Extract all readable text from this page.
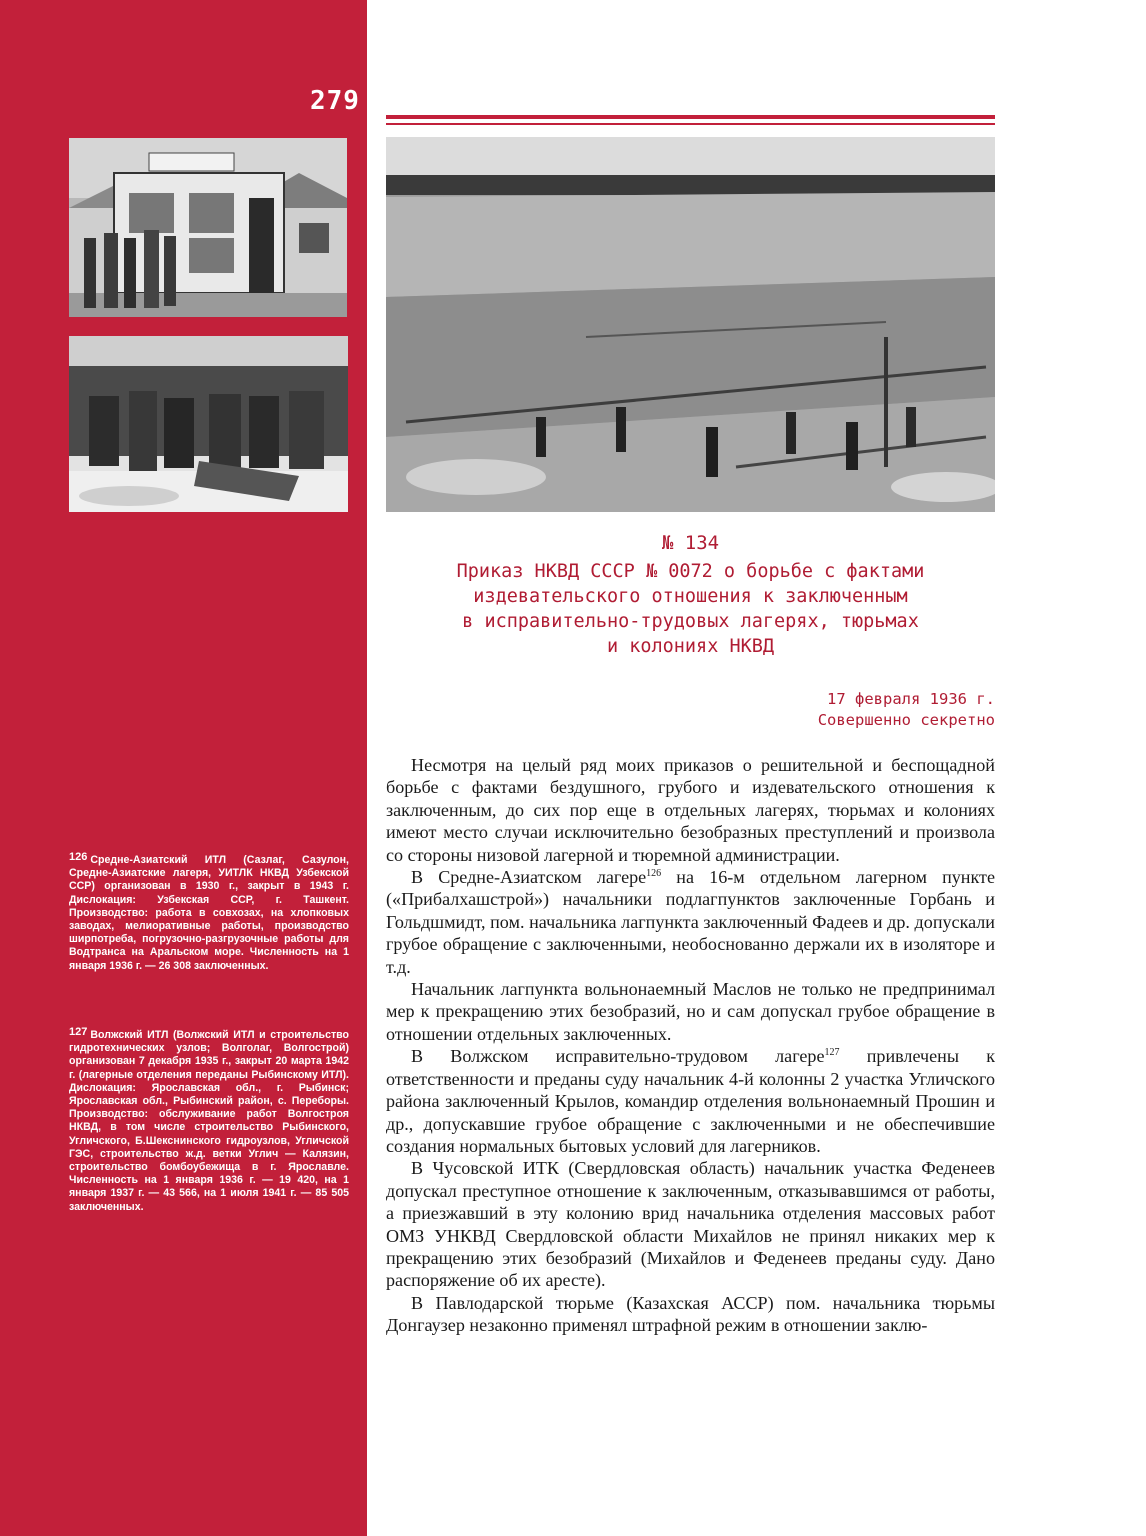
279
$^{126}$ Средне-Азиатский ИТЛ (Сазлаг, Сазулон, Средне-Азиатские лагеря, УИТЛК НКВД Узбекской ССР) организован в 1930 г., закрыт в 1943 г. Дислокация: Узбекская ССР, г. Ташкент. Производство: работа в совхозах, на хлопковых заводах, мелиоративные работы, производство ширпотреба, погрузочно-разгрузочные работы для Водтранса на Аральском море. Численность на 1 января 1936 г. — 26 308 заключенных.
$^{127}$ Волжский ИТЛ (Волжский ИТЛ и строительство гидротехнических узлов; Волголаг, Волгострой) организован 7 декабря 1935 г., закрыт 20 марта 1942 г. (лагерные отделения переданы Рыбинскому ИТЛ). Дислокация: Ярославская обл., г. Рыбинск; Ярославская обл., Рыбинский район, с. Переборы. Производство: обслуживание работ Волгостроя НКВД, в том числе строительство Рыбинского, Угличского, Б.Шекснинского гидроузлов, Угличской ГЭС, строительство ж.д. ветки Углич — Калязин, строительство бомбоубежища в г. Ярославле. Численность на 1 января 1936 г. — 19 420, на 1 января 1937 г. — 43 566, на 1 июля 1941 г. — 85 505 заключенных.
№ 134
Приказ НКВД СССР № 0072 о борьбе с фактами
издевательского отношения к заключенным
в исправительно-трудовых лагерях, тюрьмах
и колониях НКВД
17 февраля 1936 г.
Совершенно секретно

Несмотря на целый ряд моих приказов о решительной и беспощадной борьбе с фактами бездушного, грубого и издевательского отношения к заключенным, до сих пор еще в отдельных лагерях, тюрьмах и колониях имеют место случаи исключительно безобразных преступлений и произвола со стороны низовой лагерной и тюремной администрации.

В Средне-Азиатском лагере$^{126}$ на 16-м отдельном лагерном пункте («Прибалхашстрой») начальники подлагпунктов заключенные Горбань и Гольдшмидт, пом. начальника лагпункта заключенный Фадеев и др. допускали грубое обращение с заключенными, необоснованно держали их в изоляторе и т.д.

Начальник лагпункта вольнонаемный Маслов не только не предпринимал мер к прекращению этих безобразий, но и сам допускал грубое обращение в отношении отдельных заключенных.

В Волжском исправительно-трудовом лагере$^{127}$ привлечены к ответственности и преданы суду начальник 4-й колонны 2 участка Угличского района заключенный Крылов, командир отделения вольнонаемный Прошин и др., допускавшие грубое обращение с заключенными и не обеспечившие создания нормальных бытовых условий для лагерников.

В Чусовской ИТК (Свердловская область) начальник участка Феденеев допускал преступное отношение к заключенным, отказывавшимся от работы, а приезжавший в эту колонию врид начальника отделения массовых работ ОМЗ УНКВД Свердловской области Михайлов не принял никаких мер к прекращению этих безобразий (Михайлов и Феденеев преданы суду. Дано распоряжение об их аресте).

В Павлодарской тюрьме (Казахская АССР) пом. начальника тюрьмы Донгаузер незаконно применял штрафной режим в отношении заклю-
